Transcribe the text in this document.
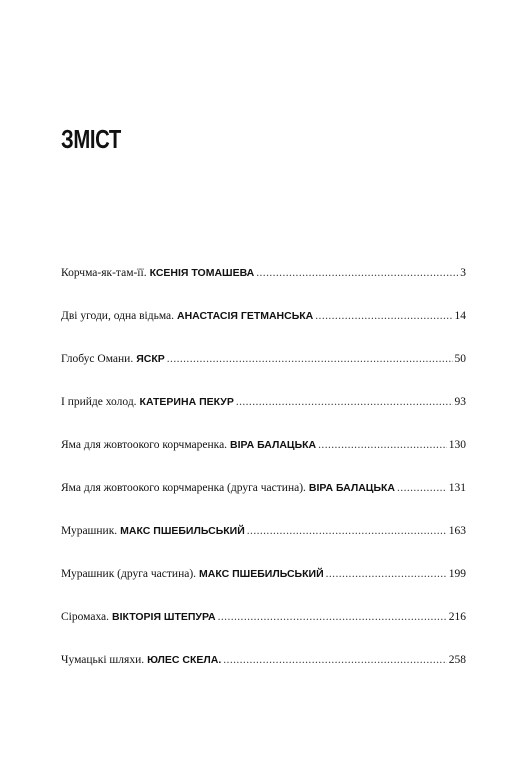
ЗМІСТ
Корчма-як-там-її. КСЕНІЯ ТОМАШЕВА .....	3
Дві угоди, одна відьма. АНАСТАСІЯ ГЕТМАНСЬКА .....	14
Глобус Омани. ЯСКР .....	50
І прийде холод. КАТЕРИНА ПЕКУР .....	93
Яма для жовтоокого корчмаренка. ВІРА БАЛАЦЬКА .....	130
Яма для жовтоокого корчмаренка (друга частина). ВІРА БАЛАЦЬКА .....	131
Мурашник. МАКС ПШЕБИЛЬСЬКИЙ .....	163
Мурашник (друга частина). МАКС ПШЕБИЛЬСЬКИЙ .....	199
Сіромаха. ВІКТОРІЯ ШТЕПУРА .....	216
Чумацькі шляхи. ЮЛЕС СКЕЛА. .....	258
